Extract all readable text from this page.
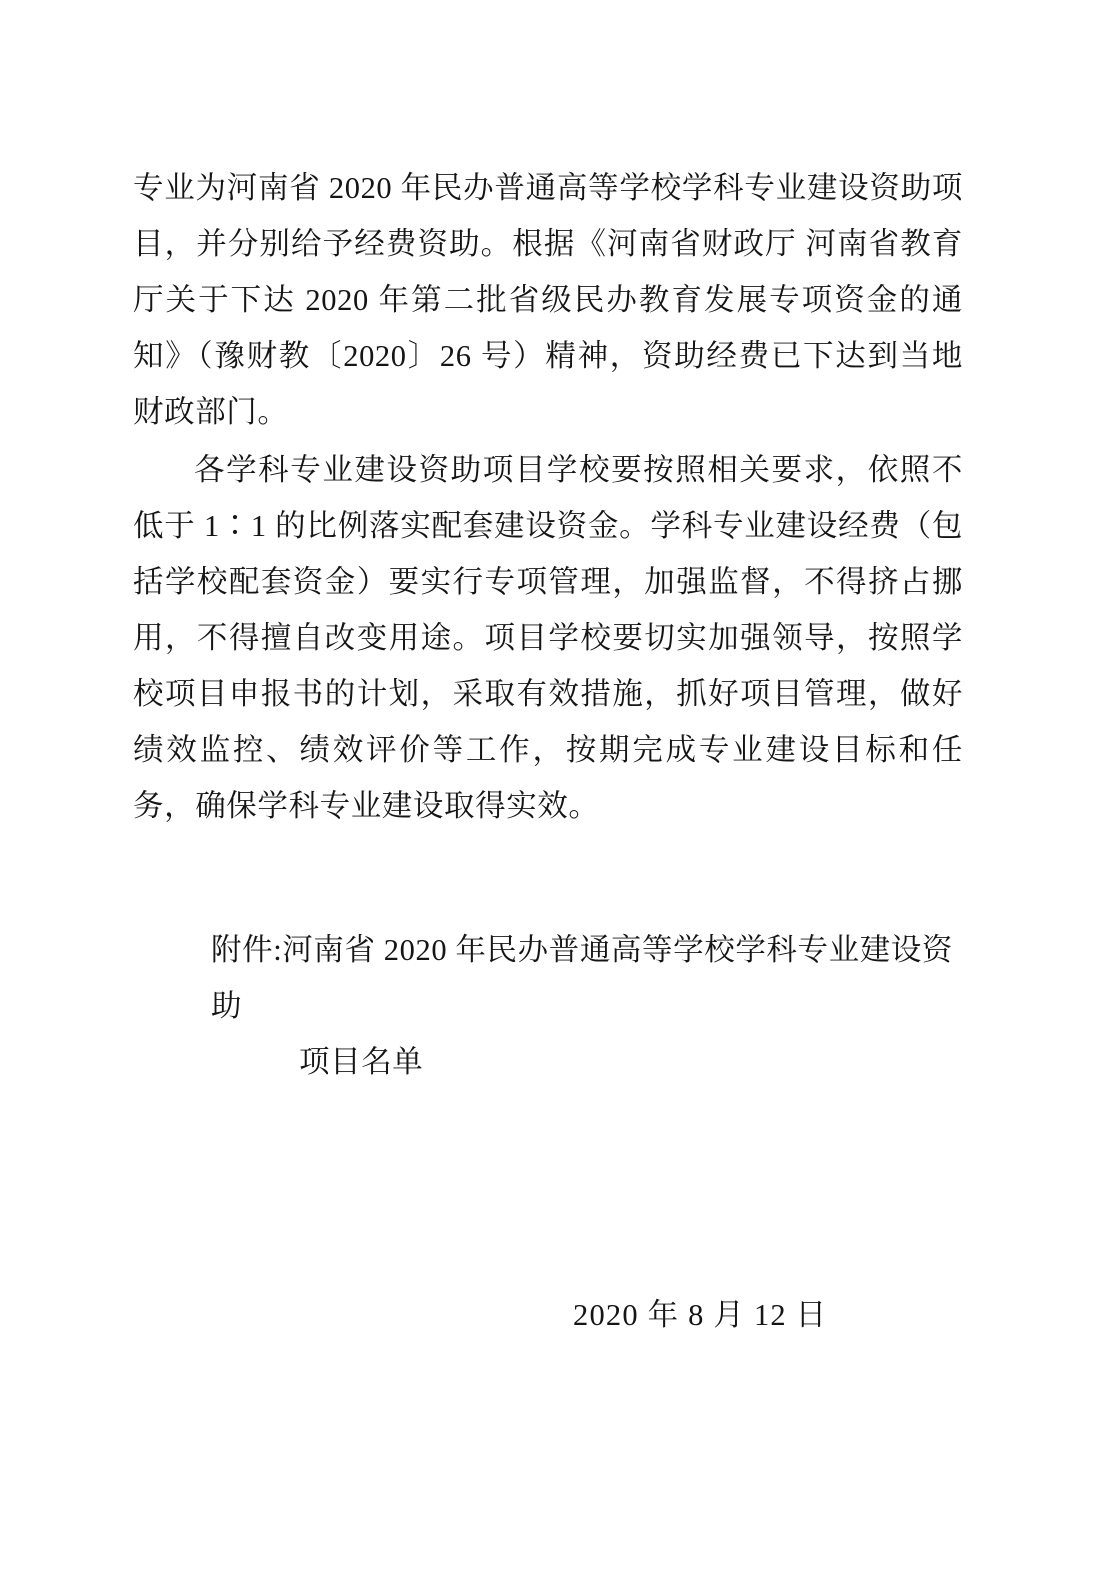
专业为河南省 2020 年民办普通高等学校学科专业建设资助项目，并分别给予经费资助。根据《河南省财政厅 河南省教育厅关于下达 2020 年第二批省级民办教育发展专项资金的通知》（豫财教〔2020〕26 号）精神，资助经费已下达到当地财政部门。

各学科专业建设资助项目学校要按照相关要求，依照不低于 1∶1 的比例落实配套建设资金。学科专业建设经费（包括学校配套资金）要实行专项管理，加强监督，不得挤占挪用，不得擅自改变用途。项目学校要切实加强领导，按照学校项目申报书的计划，采取有效措施，抓好项目管理，做好绩效监控、绩效评价等工作，按期完成专业建设目标和任务，确保学科专业建设取得实效。

附件:河南省 2020 年民办普通高等学校学科专业建设资助
项目名单

2020 年 8 月 12 日
